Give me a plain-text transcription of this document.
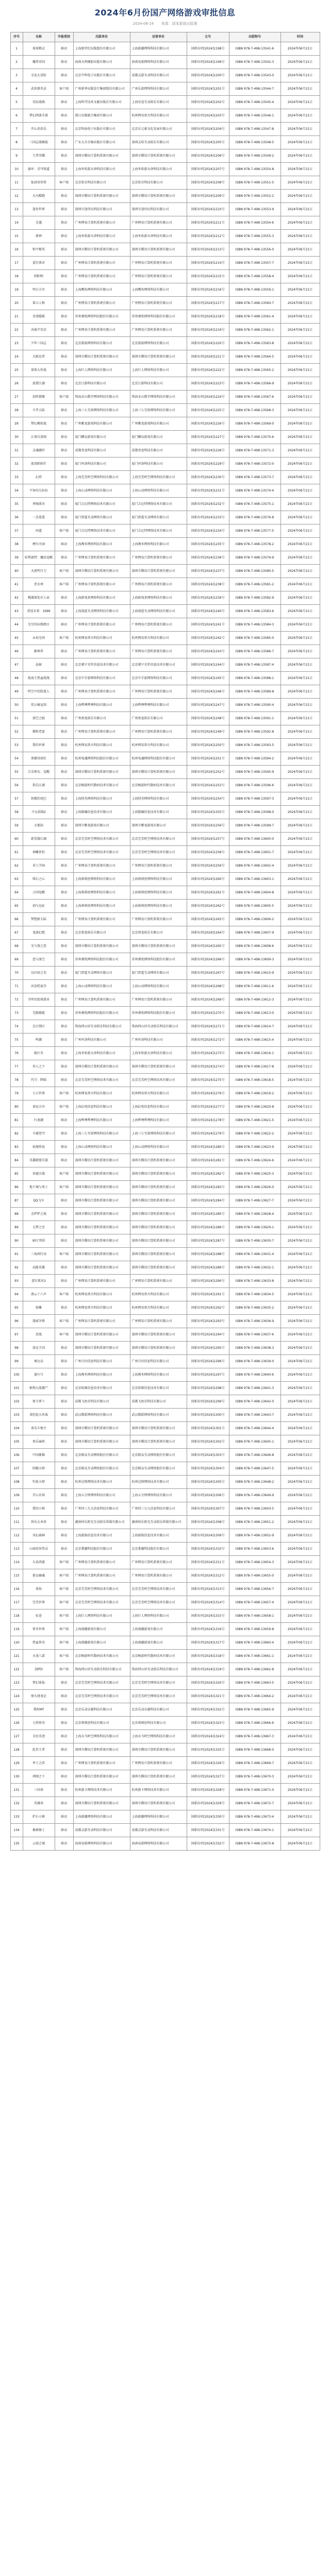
2024年6月份国产网络游戏审批信息
2024-06-24 来源：国家新闻出版署
序号	名称	申报类别	出版单位	运营单位	文号	出版物号	时间
1	球球精灵	移动	上海新世纪出版股份有限公司	上海游趣网络科技有限公司	国新出审[2024]1198号	ISBN 978-7-498-13541-6	2024年06月21日
2	魔兽帝国	移动	海南天然橡胶出版有限公司	海南易游网络科技有限公司	国新出审[2024]1199号	ISBN 978-7-498-13542-3	2024年06月21日
3	幸运大冒险	移动	北京中科电子出版社有限公司	成都灵游互动科技有限公司	国新出审[2024]1200号	ISBN 978-7-498-13543-0	2024年06月21日
4	武侠群英录	客户端	广州新华出版发行集团股份有限公司	广州乐游网络科技有限公司	国新出审[2024]1201号	ISBN 978-7-498-13544-7	2024年06月21日
5	星际战线	移动	上海科学技术文献出版社有限公司	上海星途互动娱乐有限公司	国新出审[2024]1202号	ISBN 978-7-498-13545-4	2024年06月21日
6	梦幻西游手游	移动	浙江出版联合集团有限公司	杭州网易雷火科技有限公司	国新出审[2024]1203号	ISBN 978-7-498-13546-1	2024年06月21日
7	开心消消乐	移动	北京科海电子出版社有限公司	北京乐元素文化发展有限公司	国新出审[2024]1204号	ISBN 978-7-498-13547-8	2024年06月21日
8	三国志战略版	移动	广东大音音像出版社有限公司	深圳灵犀互动娱乐有限公司	国新出审[2024]1205号	ISBN 978-7-498-13548-5	2024年06月21日
9	王者荣耀	移动	深圳市腾讯计算机系统有限公司	深圳市腾讯计算机系统有限公司	国新出审[2024]1206号	ISBN 978-7-498-13549-2	2024年06月21日
10	崩坏：星穹铁道	移动	上海米哈游天命科技有限公司	上海米哈游天命科技有限公司	国新出审[2024]1207号	ISBN 978-7-498-13550-8	2024年06月21日
11	仙剑奇侠传	客户端	北京软星科技有限公司	北京软星科技有限公司	国新出审[2024]1208号	ISBN 978-7-498-13551-5	2024年06月21日
12	天天酷跑	移动	深圳市腾讯计算机系统有限公司	深圳市腾讯计算机系统有限公司	国新出审[2024]1209号	ISBN 978-7-498-13552-2	2024年06月21日
13	迷你世界	移动	深圳市迷你玩科技有限公司	深圳市迷你玩科技有限公司	国新出审[2024]1210号	ISBN 978-7-498-13553-9	2024年06月21日
14	光遇	移动	广州网易计算机系统有限公司	广州网易计算机系统有限公司	国新出审[2024]1211号	ISBN 978-7-498-13554-6	2024年06月21日
15	原神	移动	上海米哈游天命科技有限公司	上海米哈游天命科技有限公司	国新出审[2024]1212号	ISBN 978-7-498-13555-3	2024年06月21日
16	和平精英	移动	深圳市腾讯计算机系统有限公司	深圳市腾讯计算机系统有限公司	国新出审[2024]1213号	ISBN 978-7-498-13556-0	2024年06月21日
17	蛋仔派对	移动	广州网易计算机系统有限公司	广州网易计算机系统有限公司	国新出审[2024]1214号	ISBN 978-7-498-13557-7	2024年06月21日
18	阴阳师	移动	广州网易计算机系统有限公司	广州网易计算机系统有限公司	国新出审[2024]1215号	ISBN 978-7-498-13558-4	2024年06月21日
19	明日方舟	移动	上海鹰角网络科技有限公司	上海鹰角网络科技有限公司	国新出审[2024]1216号	ISBN 978-7-498-13559-1	2024年06月21日
20	第五人格	移动	广州网易计算机系统有限公司	广州网易计算机系统有限公司	国新出审[2024]1217号	ISBN 978-7-498-13560-7	2024年06月21日
21	奇迹暖暖	移动	苏州叠纸网络科技股份有限公司	苏州叠纸网络科技股份有限公司	国新出审[2024]1218号	ISBN 978-7-498-13561-4	2024年06月21日
22	决战平安京	移动	广州网易计算机系统有限公司	广州网易计算机系统有限公司	国新出审[2024]1219号	ISBN 978-7-498-13562-1	2024年06月21日
23	少年三国志	移动	北京游族网络科技有限公司	北京游族网络科技有限公司	国新出审[2024]1220号	ISBN 978-7-498-13563-8	2024年06月21日
24	火影忍者	移动	深圳市腾讯计算机系统有限公司	深圳市腾讯计算机系统有限公司	国新出审[2024]1221号	ISBN 978-7-498-13564-5	2024年06月21日
25	球球大作战	移动	上海巨人网络科技有限公司	上海巨人网络科技有限公司	国新出审[2024]1222号	ISBN 978-7-498-13565-2	2024年06月21日
26	放置江湖	移动	北京江游科技有限公司	北京江游科技有限公司	国新出审[2024]1223号	ISBN 978-7-498-13566-9	2024年06月21日
27	剑侠情缘	客户端	珠海金山数字网络科技有限公司	珠海金山数字网络科技有限公司	国新出审[2024]1224号	ISBN 978-7-498-13567-6	2024年06月21日
28	斗罗大陆	移动	上海三七互娱网络科技有限公司	上海三七互娱网络科技有限公司	国新出审[2024]1225号	ISBN 978-7-498-13568-3	2024年06月21日
29	梦幻模拟战	移动	广州紫龙游戏科技有限公司	广州紫龙游戏科技有限公司	国新出审[2024]1226号	ISBN 978-7-498-13569-0	2024年06月21日
30	江南百景图	移动	厦门椰岛游戏有限公司	厦门椰岛游戏有限公司	国新出审[2024]1227号	ISBN 978-7-498-13570-6	2024年06月21日
31	灵魂潮汐	移动	成都炎龙科技有限公司	成都炎龙科技有限公司	国新出审[2024]1228号	ISBN 978-7-498-13571-3	2024年06月21日
32	战双帕弥什	移动	厦门库洛科技有限公司	厦门库洛科技有限公司	国新出审[2024]1229号	ISBN 978-7-498-13572-0	2024年06月21日
33	幻塔	移动	上海完美时空网络科技有限公司	上海完美时空网络科技有限公司	国新出审[2024]1230号	ISBN 978-7-498-13573-7	2024年06月21日
34	不休的乌拉拉	移动	上海心动网络科技有限公司	上海心动网络科技有限公司	国新出审[2024]1231号	ISBN 978-7-498-13574-4	2024年06月21日
35	香肠派对	移动	厦门吉比特网络技术有限公司	厦门吉比特网络技术有限公司	国新出审[2024]1232号	ISBN 978-7-498-13575-1	2024年06月21日
36	一念逍遥	移动	厦门雷霆互动网络有限公司	厦门雷霆互动网络有限公司	国新出审[2024]1233号	ISBN 978-7-498-13576-8	2024年06月21日
37	问道	客户端	厦门吉比特网络技术有限公司	厦门吉比特网络技术有限公司	国新出审[2024]1234号	ISBN 978-7-498-13577-5	2024年06月21日
38	摩尔庄园	移动	上海淘米网络科技有限公司	上海淘米网络科技有限公司	国新出审[2024]1235号	ISBN 978-7-498-13578-2	2024年06月21日
39	哈利波特：魔法觉醒	移动	广州网易计算机系统有限公司	广州网易计算机系统有限公司	国新出审[2024]1236号	ISBN 978-7-498-13579-9	2024年06月21日
40	天涯明月刀	客户端	深圳市腾讯计算机系统有限公司	深圳市腾讯计算机系统有限公司	国新出审[2024]1237号	ISBN 978-7-498-13580-5	2024年06月21日
41	逆水寒	客户端	广州网易计算机系统有限公司	广州网易计算机系统有限公司	国新出审[2024]1238号	ISBN 978-7-498-13581-2	2024年06月21日
42	桃源深处有人家	移动	上海游戏多网络科技有限公司	上海游戏多网络科技有限公司	国新出审[2024]1239号	ISBN 978-7-498-13582-9	2024年06月21日
43	重返未来：1999	移动	上海深蓝互动网络科技有限公司	上海深蓝互动网络科技有限公司	国新出审[2024]1240号	ISBN 978-7-498-13583-6	2024年06月21日
44	无尽的拉格朗日	移动	广州网易计算机系统有限公司	广州网易计算机系统有限公司	国新出审[2024]1241号	ISBN 978-7-498-13584-3	2024年06月21日
45	永劫无间	客户端	杭州网易雷火科技有限公司	杭州网易雷火科技有限公司	国新出审[2024]1242号	ISBN 978-7-498-13585-0	2024年06月21日
46	解神者	移动	广州网易计算机系统有限公司	广州网易计算机系统有限公司	国新出审[2024]1243号	ISBN 978-7-498-13586-7	2024年06月21日
47	晶核	移动	北京朝夕光年信息技术有限公司	北京朝夕光年信息技术有限公司	国新出审[2024]1244号	ISBN 978-7-498-13587-4	2024年06月21日
48	航海王热血航线	移动	北京中手游网络科技有限公司	北京中手游网络科技有限公司	国新出审[2024]1245号	ISBN 978-7-498-13588-1	2024年06月21日
49	时空中的绘旅人	移动	广州网易计算机系统有限公司	广州网易计算机系统有限公司	国新出审[2024]1246号	ISBN 978-7-498-13589-8	2024年06月21日
50	坎公骑冠剑	移动	上海哔哩哔哩科技有限公司	上海哔哩哔哩科技有限公司	国新出审[2024]1247号	ISBN 978-7-498-13590-4	2024年06月21日
51	深空之眼	移动	广州祖龙娱乐有限公司	广州祖龙娱乐有限公司	国新出审[2024]1248号	ISBN 978-7-498-13591-1	2024年06月21日
52	猫和老鼠	移动	广州网易计算机系统有限公司	广州网易计算机系统有限公司	国新出审[2024]1249号	ISBN 978-7-498-13592-8	2024年06月21日
53	我的世界	移动	杭州网易雷火科技有限公司	杭州网易雷火科技有限公司	国新出审[2024]1250号	ISBN 978-7-498-13593-5	2024年06月21日
54	黑猫奇闻社	移动	杭州电魂网络科技股份有限公司	杭州电魂网络科技股份有限公司	国新出审[2024]1251号	ISBN 978-7-498-13594-2	2024年06月21日
55	合金弹头：觉醒	移动	深圳市腾讯计算机系统有限公司	深圳市腾讯计算机系统有限公司	国新出审[2024]1252号	ISBN 978-7-498-13595-9	2024年06月21日
56	指尖江湖	移动	北京畅游时代数码技术有限公司	北京畅游时代数码技术有限公司	国新出审[2024]1253号	ISBN 978-7-498-13596-6	2024年06月21日
57	妖精的尾巴	移动	上海恺英网络科技有限公司	上海恺英网络科技有限公司	国新出审[2024]1254号	ISBN 978-7-498-13597-3	2024年06月21日
58	少女前线2	移动	上海散爆信息技术有限公司	上海散爆信息技术有限公司	国新出审[2024]1255号	ISBN 978-7-498-13598-0	2024年06月21日
59	天地劫	移动	深圳市紫龙游戏有限公司	深圳市紫龙游戏有限公司	国新出审[2024]1256号	ISBN 978-7-498-13599-7	2024年06月21日
60	新笑傲江湖	移动	北京完美时空网络技术有限公司	北京完美时空网络技术有限公司	国新出审[2024]1257号	ISBN 978-7-498-13600-0	2024年06月21日
61	神雕侠侣	移动	北京完美时空网络技术有限公司	北京完美时空网络技术有限公司	国新出审[2024]1258号	ISBN 978-7-498-13601-7	2024年06月21日
62	非人学园	移动	广州网易计算机系统有限公司	广州网易计算机系统有限公司	国新出审[2024]1259号	ISBN 978-7-498-13602-4	2024年06月21日
63	绯石之心	移动	上海莉莉丝网络科技有限公司	上海莉莉丝网络科技有限公司	国新出审[2024]1260号	ISBN 978-7-498-13603-1	2024年06月21日
64	万国觉醒	移动	上海莉莉丝网络科技有限公司	上海莉莉丝网络科技有限公司	国新出审[2024]1261号	ISBN 978-7-498-13604-8	2024年06月21日
65	剑与远征	移动	上海莉莉丝网络科技有限公司	上海莉莉丝网络科技有限公司	国新出审[2024]1262号	ISBN 978-7-498-13605-5	2024年06月21日
66	梦想新大陆	移动	广州网易计算机系统有限公司	广州网易计算机系统有限公司	国新出审[2024]1263号	ISBN 978-7-498-13606-2	2024年06月21日
67	龙族幻想	移动	北京祖龙娱乐有限公司	北京祖龙娱乐有限公司	国新出审[2024]1264号	ISBN 978-7-498-13607-9	2024年06月21日
68	光与夜之恋	移动	深圳市腾讯计算机系统有限公司	深圳市腾讯计算机系统有限公司	国新出审[2024]1265号	ISBN 978-7-498-13608-6	2024年06月21日
69	恋与深空	移动	苏州叠纸网络科技股份有限公司	苏州叠纸网络科技股份有限公司	国新出审[2024]1266号	ISBN 978-7-498-13609-3	2024年06月21日
70	以闪亮之名	移动	厦门雷霆互动网络有限公司	厦门雷霆互动网络有限公司	国新出审[2024]1267号	ISBN 978-7-498-13610-9	2024年06月21日
71	出发吧麦芬	移动	上海心动网络科技有限公司	上海心动网络科技有限公司	国新出审[2024]1268号	ISBN 978-7-498-13611-6	2024年06月21日
72	全明星街球派对	移动	广州网易计算机系统有限公司	广州网易计算机系统有限公司	国新出审[2024]1269号	ISBN 978-7-498-13612-3	2024年06月21日
73	无限暖暖	移动	苏州叠纸网络科技股份有限公司	苏州叠纸网络科技股份有限公司	国新出审[2024]1270号	ISBN 978-7-498-13613-0	2024年06月21日
74	尘白禁区	移动	珠海西山居互动娱乐科技有限公司	珠海西山居互动娱乐科技有限公司	国新出审[2024]1271号	ISBN 978-7-498-13614-7	2024年06月21日
75	鸣潮	移动	广州库洛科技有限公司	广州库洛科技有限公司	国新出审[2024]1272号	ISBN 978-7-498-13615-4	2024年06月21日
76	绝区零	移动	上海米哈游天命科技有限公司	上海米哈游天命科技有限公司	国新出审[2024]1273号	ISBN 978-7-498-13616-1	2024年06月21日
77	异人之下	移动	深圳市腾讯计算机系统有限公司	深圳市腾讯计算机系统有限公司	国新出审[2024]1274号	ISBN 978-7-498-13617-8	2024年06月21日
78	代号：降临	移动	北京完美时空网络技术有限公司	北京完美时空网络技术有限公司	国新出审[2024]1275号	ISBN 978-7-498-13618-5	2024年06月21日
79	七日世界	客户端	杭州网易雷火科技有限公司	杭州网易雷火科技有限公司	国新出审[2024]1276号	ISBN 978-7-498-13619-2	2024年06月21日
80	命运方舟	客户端	上海幻电信息科技有限公司	上海幻电信息科技有限公司	国新出审[2024]1277号	ISBN 978-7-498-13620-8	2024年06月21日
81	归龙潮	移动	上海哔哩哔哩科技有限公司	上海哔哩哔哩科技有限公司	国新出审[2024]1278号	ISBN 978-7-498-13621-5	2024年06月21日
82	斗破苍穹	移动	上海三七互娱网络科技有限公司	上海三七互娱网络科技有限公司	国新出审[2024]1279号	ISBN 978-7-498-13622-2	2024年06月21日
83	仙境传说	移动	上海心动网络科技有限公司	上海心动网络科技有限公司	国新出审[2024]1280号	ISBN 978-7-498-13623-9	2024年06月21日
84	英雄联盟手游	移动	深圳市腾讯计算机系统有限公司	深圳市腾讯计算机系统有限公司	国新出审[2024]1281号	ISBN 978-7-498-13624-6	2024年06月21日
85	穿越火线	客户端	深圳市腾讯计算机系统有限公司	深圳市腾讯计算机系统有限公司	国新出审[2024]1282号	ISBN 978-7-498-13625-3	2024年06月21日
86	地下城与勇士	客户端	深圳市腾讯计算机系统有限公司	深圳市腾讯计算机系统有限公司	国新出审[2024]1283号	ISBN 978-7-498-13626-0	2024年06月21日
87	QQ飞车	移动	深圳市腾讯计算机系统有限公司	深圳市腾讯计算机系统有限公司	国新出审[2024]1284号	ISBN 978-7-498-13627-7	2024年06月21日
88	金铲铲之战	移动	深圳市腾讯计算机系统有限公司	深圳市腾讯计算机系统有限公司	国新出审[2024]1285号	ISBN 978-7-498-13628-4	2024年06月21日
89	元梦之星	移动	深圳市腾讯计算机系统有限公司	深圳市腾讯计算机系统有限公司	国新出审[2024]1286号	ISBN 978-7-498-13629-1	2024年06月21日
90	暗区突围	移动	深圳市腾讯计算机系统有限公司	深圳市腾讯计算机系统有限公司	国新出审[2024]1287号	ISBN 978-7-498-13630-7	2024年06月21日
91	三角洲行动	客户端	深圳市腾讯计算机系统有限公司	深圳市腾讯计算机系统有限公司	国新出审[2024]1288号	ISBN 978-7-498-13631-4	2024年06月21日
92	高能英雄	移动	深圳市腾讯计算机系统有限公司	深圳市腾讯计算机系统有限公司	国新出审[2024]1289号	ISBN 978-7-498-13632-1	2024年06月21日
93	蛋仔派对2	移动	广州网易计算机系统有限公司	广州网易计算机系统有限公司	国新出审[2024]1290号	ISBN 978-7-498-13633-8	2024年06月21日
94	燕云十六声	客户端	杭州网易雷火科技有限公司	杭州网易雷火科技有限公司	国新出审[2024]1291号	ISBN 978-7-498-13634-5	2024年06月21日
95	射雕	移动	杭州网易雷火科技有限公司	杭州网易雷火科技有限公司	国新出审[2024]1292号	ISBN 978-7-498-13635-2	2024年06月21日
96	漫威争锋	客户端	广州网易计算机系统有限公司	广州网易计算机系统有限公司	国新出审[2024]1293号	ISBN 978-7-498-13636-9	2024年06月21日
97	逆战	客户端	深圳市腾讯计算机系统有限公司	深圳市腾讯计算机系统有限公司	国新出审[2024]1294号	ISBN 978-7-498-13637-6	2024年06月21日
98	洛克王国	移动	深圳市腾讯计算机系统有限公司	深圳市腾讯计算机系统有限公司	国新出审[2024]1295号	ISBN 978-7-498-13638-3	2024年06月21日
99	奥比岛	移动	广州百田信息科技有限公司	广州百田信息科技有限公司	国新出审[2024]1296号	ISBN 978-7-498-13639-0	2024年06月21日
100	赛尔号	移动	上海淘米网络科技有限公司	上海淘米网络科技有限公司	国新出审[2024]1297号	ISBN 978-7-498-13640-6	2024年06月21日
101	植物大战僵尸	移动	北京拓维信息技术有限公司	北京拓维信息技术有限公司	国新出审[2024]1298号	ISBN 978-7-498-13641-3	2024年06月21日
102	保卫萝卜	移动	成都飞鱼星科技有限公司	成都飞鱼星科技有限公司	国新出审[2024]1299号	ISBN 978-7-498-13642-0	2024年06月21日
103	贪吃蛇大作战	移动	武汉微派网络科技有限公司	武汉微派网络科技有限公司	国新出审[2024]1300号	ISBN 978-7-498-13643-7	2024年06月21日
104	欢乐斗地主	移动	深圳市腾讯计算机系统有限公司	深圳市腾讯计算机系统有限公司	国新出审[2024]1301号	ISBN 978-7-498-13644-4	2024年06月21日
105	欢乐麻将	移动	深圳市腾讯计算机系统有限公司	深圳市腾讯计算机系统有限公司	国新出审[2024]1302号	ISBN 978-7-498-13645-1	2024年06月21日
106	中国象棋	移动	北京联众互动网络股份有限公司	北京联众互动网络股份有限公司	国新出审[2024]1303号	ISBN 978-7-498-13646-8	2024年06月21日
107	围棋大师	移动	北京联众互动网络股份有限公司	北京联众互动网络股份有限公司	国新出审[2024]1304号	ISBN 978-7-498-13647-5	2024年06月21日
108	钓鱼大师	移动	杭州边锋网络技术有限公司	杭州边锋网络技术有限公司	国新出审[2024]1305号	ISBN 978-7-498-13648-2	2024年06月21日
109	开心农场	移动	上海五分钟网络科技有限公司	上海五分钟网络科技有限公司	国新出审[2024]1306号	ISBN 978-7-498-13649-9	2024年06月21日
110	我的小镇	移动	广州四三九九信息科技有限公司	广州四三九九信息科技有限公司	国新出审[2024]1307号	ISBN 978-7-498-13650-5	2024年06月21日
111	快乐大本营	移动	湖南快乐阳光互动娱乐传媒有限公司	湖南快乐阳光互动娱乐传媒有限公司	国新出审[2024]1308号	ISBN 978-7-498-13651-2	2024年06月21日
112	奇幻森林	移动	上海游族信息技术有限公司	上海游族信息技术有限公司	国新出审[2024]1309号	ISBN 978-7-498-13652-9	2024年06月21日
113	山海经异兽录	移动	北京掌趣科技股份有限公司	北京掌趣科技股份有限公司	国新出审[2024]1310号	ISBN 978-7-498-13653-6	2024年06月21日
114	大话西游	客户端	广州网易计算机系统有限公司	广州网易计算机系统有限公司	国新出审[2024]1311号	ISBN 978-7-498-13654-3	2024年06月21日
115	倩女幽魂	客户端	广州网易计算机系统有限公司	广州网易计算机系统有限公司	国新出审[2024]1312号	ISBN 978-7-498-13655-0	2024年06月21日
116	诛仙	客户端	北京完美时空网络技术有限公司	北京完美时空网络技术有限公司	国新出审[2024]1313号	ISBN 978-7-498-13656-7	2024年06月21日
117	完美世界	客户端	北京完美时空网络技术有限公司	北京完美时空网络技术有限公司	国新出审[2024]1314号	ISBN 978-7-498-13657-4	2024年06月21日
118	征途	客户端	上海巨人网络科技有限公司	上海巨人网络科技有限公司	国新出审[2024]1315号	ISBN 978-7-498-13658-1	2024年06月21日
119	传奇世界	客户端	上海盛趣游戏有限公司	上海盛趣游戏有限公司	国新出审[2024]1316号	ISBN 978-7-498-13659-8	2024年06月21日
120	热血传奇	客户端	上海盛趣游戏有限公司	上海盛趣游戏有限公司	国新出审[2024]1317号	ISBN 978-7-498-13660-4	2024年06月21日
121	天龙八部	客户端	北京畅游时代数码技术有限公司	北京畅游时代数码技术有限公司	国新出审[2024]1318号	ISBN 978-7-498-13661-1	2024年06月21日
122	剑网3	客户端	珠海西山居互动娱乐科技有限公司	珠海西山居互动娱乐科技有限公司	国新出审[2024]1319号	ISBN 978-7-498-13662-8	2024年06月21日
123	梦幻诛仙	移动	北京完美时空网络技术有限公司	北京完美时空网络技术有限公司	国新出审[2024]1320号	ISBN 978-7-498-13663-5	2024年06月21日
124	倚天屠龙记	移动	北京完美时空网络技术有限公司	北京完美时空网络技术有限公司	国新出审[2024]1321号	ISBN 978-7-498-13664-2	2024年06月21日
125	我叫MT	移动	北京乐动卓越科技有限公司	北京乐动卓越科技有限公司	国新出审[2024]1322号	ISBN 978-7-498-13665-9	2024年06月21日
126	刀塔传奇	移动	北京莉莉丝科技有限公司	北京莉莉丝科技有限公司	国新出审[2024]1323号	ISBN 978-7-498-13666-6	2024年06月21日
127	全民奇迹	移动	上海天马时空网络科技有限公司	上海天马时空网络科技有限公司	国新出审[2024]1324号	ISBN 978-7-498-13667-3	2024年06月21日
128	乱世王者	移动	深圳市腾讯计算机系统有限公司	深圳市腾讯计算机系统有限公司	国新出审[2024]1325号	ISBN 978-7-498-13668-0	2024年06月21日
129	率土之滨	移动	广州网易计算机系统有限公司	广州网易计算机系统有限公司	国新出审[2024]1326号	ISBN 978-7-498-13669-7	2024年06月21日
130	鸿图之下	移动	深圳市腾讯计算机系统有限公司	深圳市腾讯计算机系统有限公司	国新出审[2024]1327号	ISBN 978-7-498-13670-3	2024年06月21日
131	三国杀	移动	杭州游卡网络技术有限公司	杭州游卡网络技术有限公司	国新出审[2024]1328号	ISBN 978-7-498-13671-0	2024年06月21日
132	英雄杀	移动	深圳市腾讯计算机系统有限公司	深圳市腾讯计算机系统有限公司	国新出审[2024]1329号	ISBN 978-7-498-13672-7	2024年06月21日
133	炉石小镇	移动	上海游趣网络科技有限公司	上海游趣网络科技有限公司	国新出审[2024]1330号	ISBN 978-7-498-13673-4	2024年06月21日
134	像素骑士	移动	成都灵游互动科技有限公司	成都灵游互动科技有限公司	国新出审[2024]1331号	ISBN 978-7-498-13674-1	2024年06月21日
135	云端之城	移动	海南易游网络科技有限公司	海南易游网络科技有限公司	国新出审[2024]1332号	ISBN 978-7-498-13675-8	2024年06月21日
